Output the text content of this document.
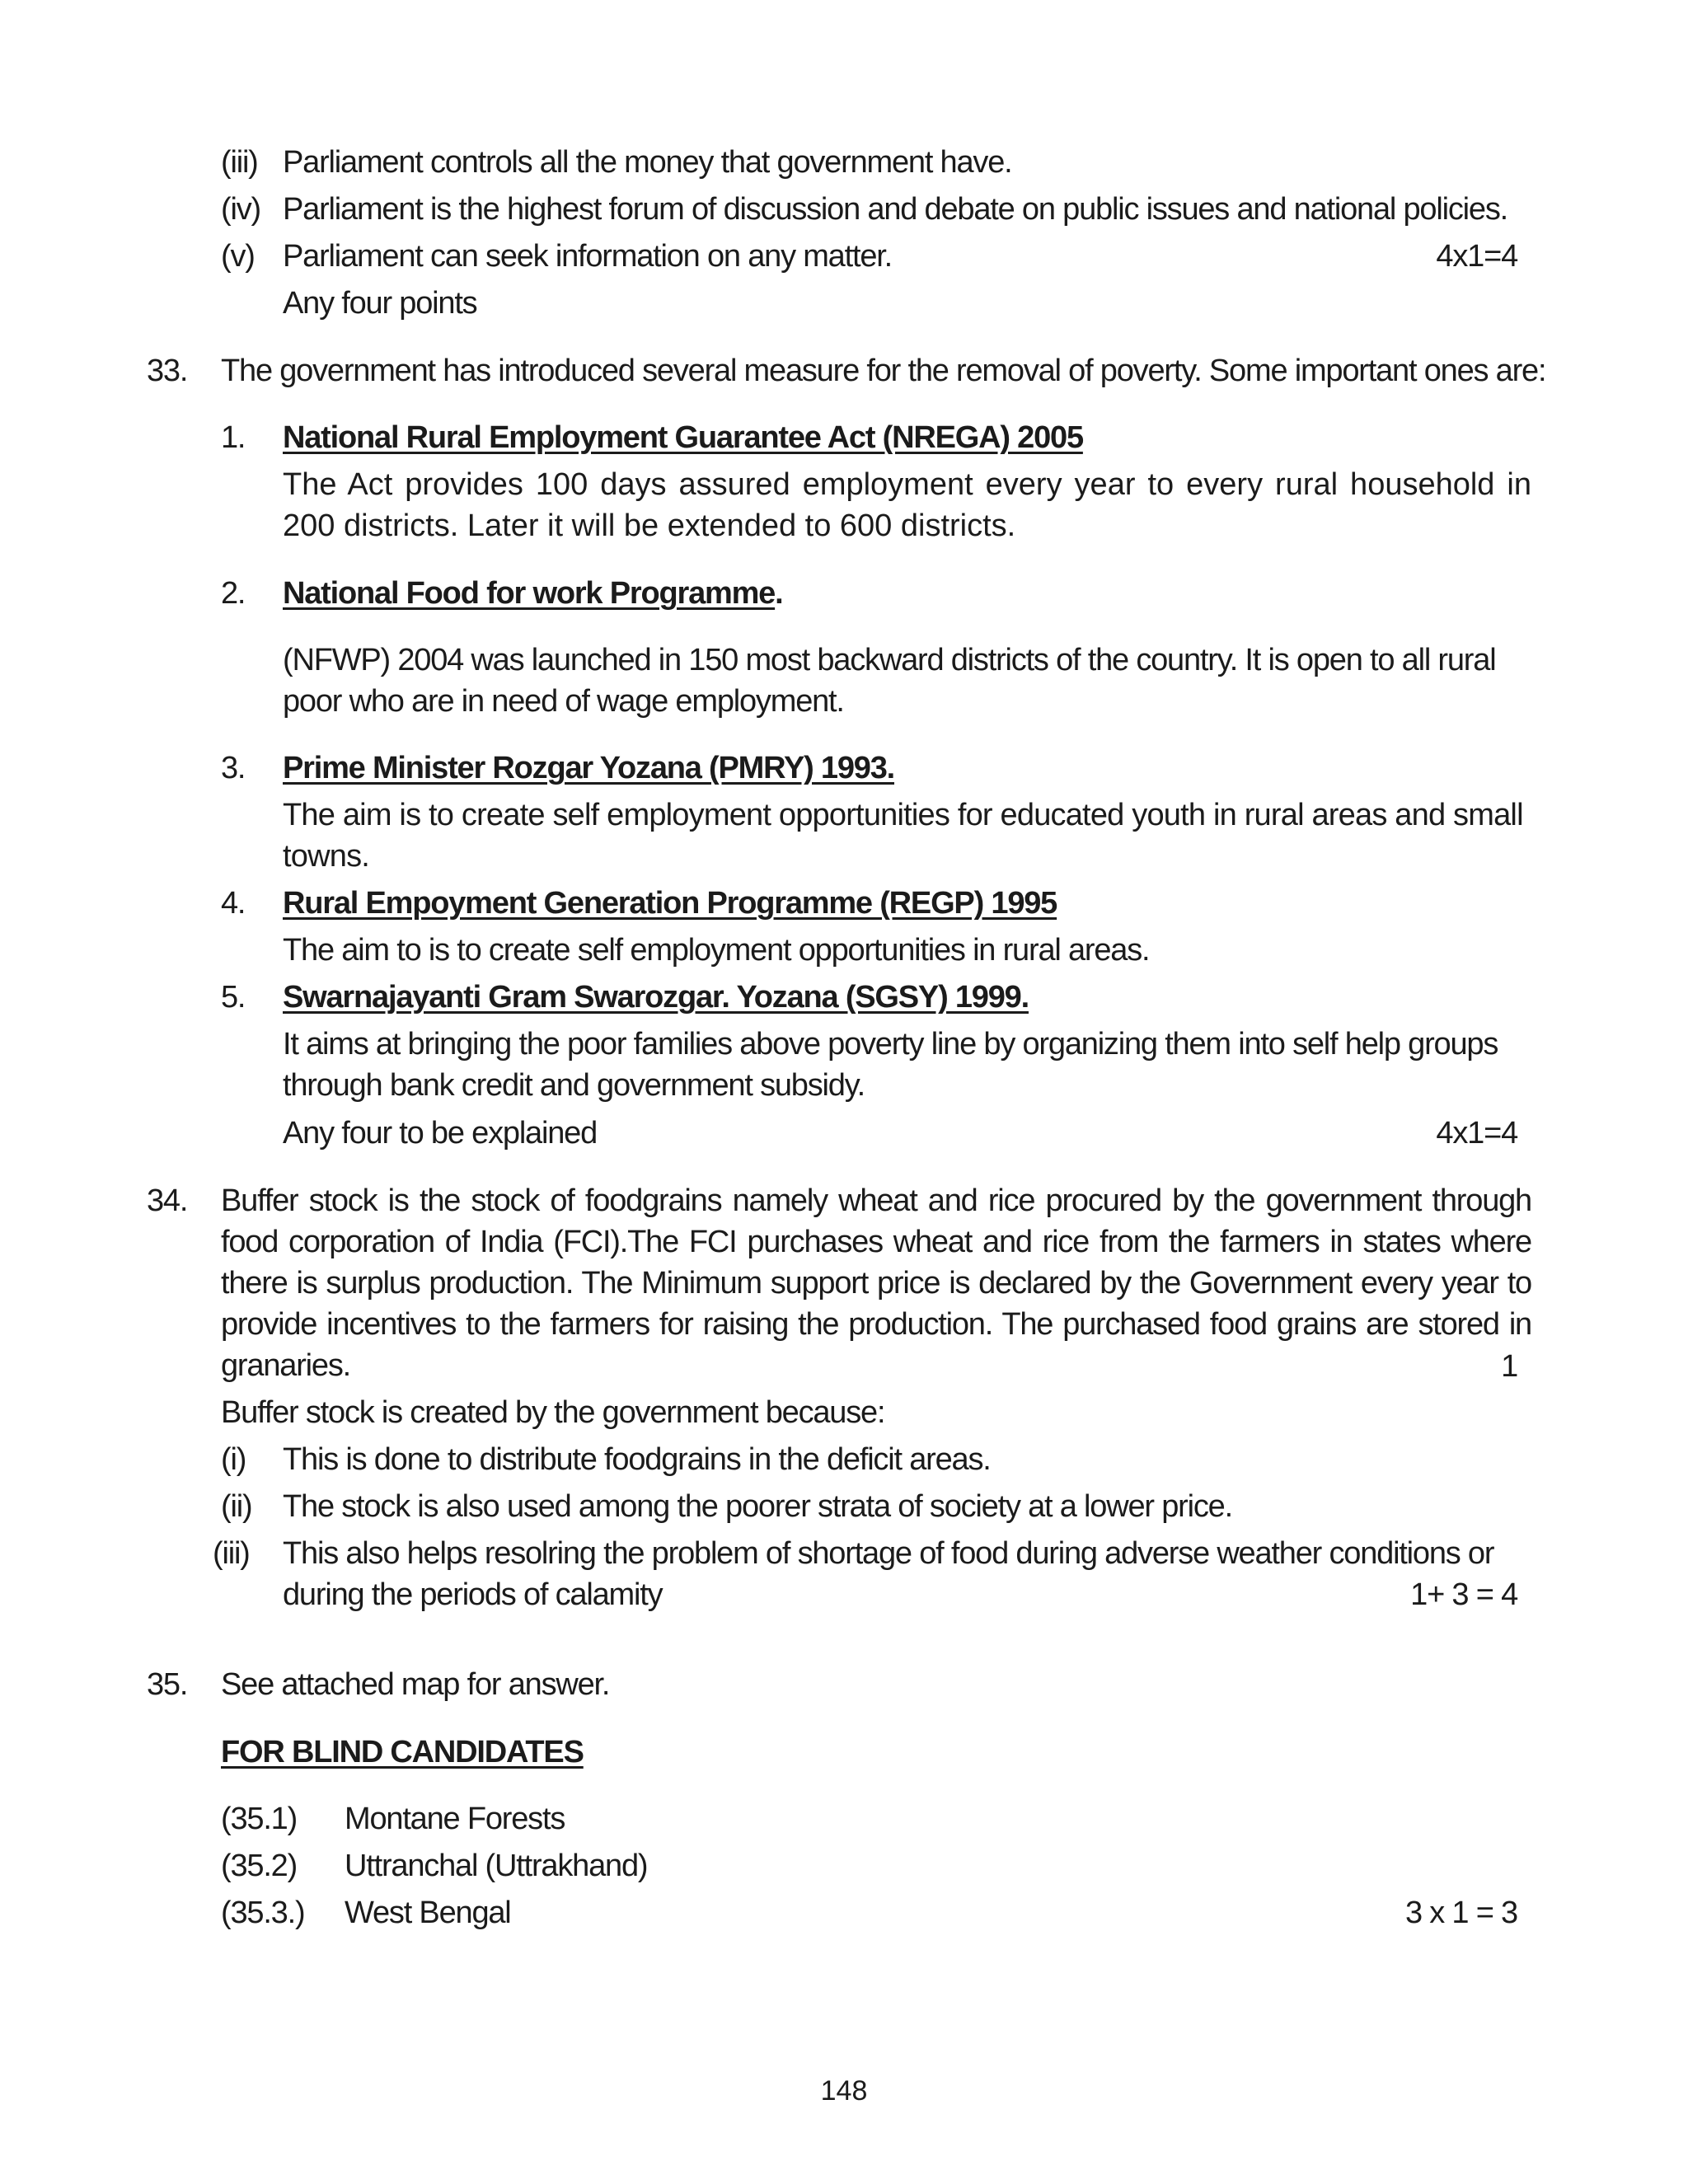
(iii) Parliament controls all the money that government have.
(iv) Parliament is the highest forum of discussion and debate on public issues and national policies.
(v) Parliament can seek information on any matter.	4x1=4
Any four points
33. The government has introduced several measure for the removal of poverty. Some important ones are:
1. National Rural Employment Guarantee Act (NREGA) 2005
The Act provides 100 days assured employment every year to every rural household in 200 districts. Later it will be extended to 600 districts.
2. National Food for work Programme.
(NFWP) 2004 was launched in 150 most backward districts of the country. It is open to all rural poor who are in need of wage employment.
3. Prime Minister Rozgar Yozana (PMRY) 1993.
The aim is to create self employment opportunities for educated youth in rural areas and small towns.
4. Rural Empoyment Generation Programme (REGP) 1995
The aim to is to create self employment opportunities in rural areas.
5. Swarnajayanti Gram Swarozgar. Yozana (SGSY) 1999.
It aims at bringing the poor families above poverty line by organizing them into self help groups through bank credit and government subsidy.
Any four to be explained	4x1=4
34. Buffer stock is the stock of foodgrains namely wheat and rice procured by the government through food corporation of India (FCI).The FCI purchases wheat and rice from the farmers in states where there is surplus production. The Minimum support price is declared by the Government every year to provide incentives to the farmers for raising the production. The purchased food grains are stored in granaries.	1
Buffer stock is created by the government because:
(i) This is done to distribute foodgrains in the deficit areas.
(ii) The stock is also used among the poorer strata of society at a lower price.
(iii) This also helps resolring the problem of shortage of food during adverse weather conditions or during the periods of calamity	1+ 3 = 4
35. See attached map for answer.
FOR BLIND CANDIDATES
(35.1) Montane Forests
(35.2) Uttranchal (Uttrakhand)
(35.3.) West Bengal	3 x 1 = 3
148
